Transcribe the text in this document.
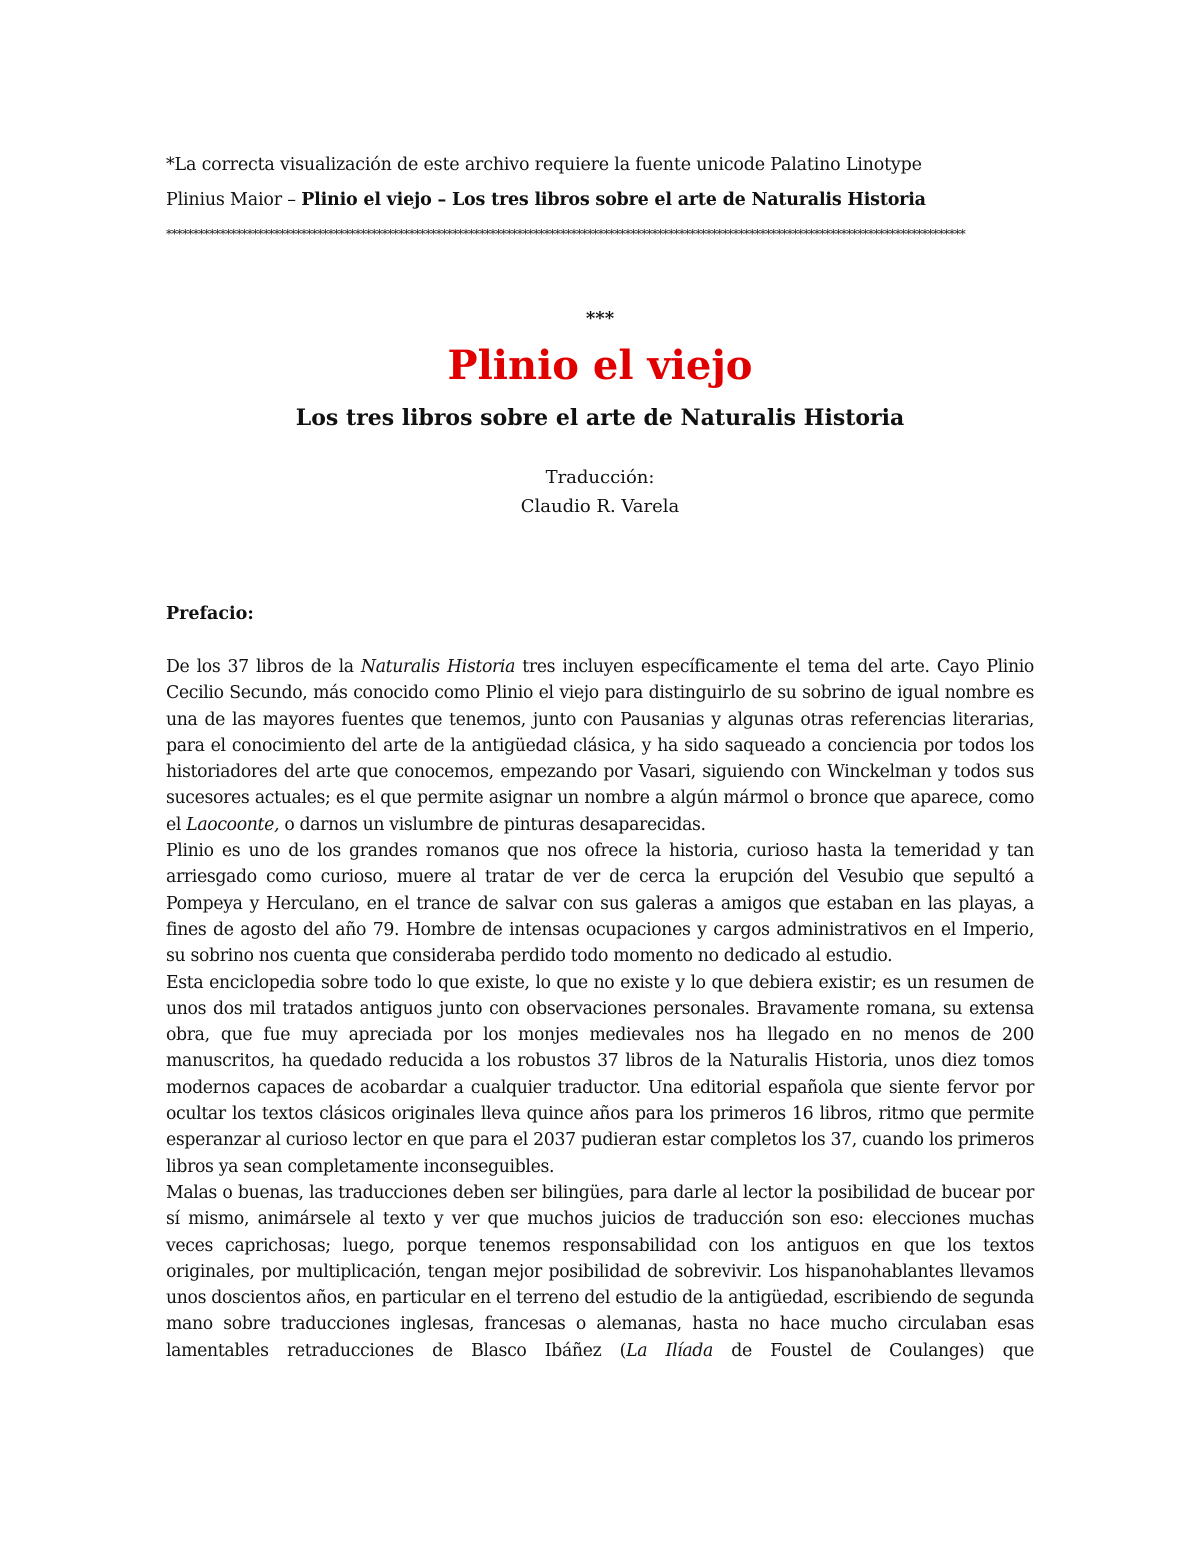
*La correcta visualización de este archivo requiere la fuente unicode Palatino Linotype
Plinius Maior – Plinio el viejo – Los tres libros sobre el arte de Naturalis Historia
****************************************************************************************************************************************************
***
Plinio el viejo
Los tres libros sobre el arte de Naturalis Historia
Traducción:
Claudio R. Varela
Prefacio:

De los 37 libros de la Naturalis Historia tres incluyen específicamente el tema del arte. Cayo Plinio Cecilio Secundo, más conocido como Plinio el viejo para distinguirlo de su sobrino de igual nombre es una de las mayores fuentes que tenemos, junto con Pausanias y algunas otras referencias literarias, para el conocimiento del arte de la antigüedad clásica, y ha sido saqueado a conciencia por todos los historiadores del arte que conocemos, empezando por Vasari, siguiendo con Winckelman y todos sus sucesores actuales; es el que permite asignar un nombre a algún mármol o bronce que aparece, como el Laocoonte, o darnos un vislumbre de pinturas desaparecidas.

Plinio es uno de los grandes romanos que nos ofrece la historia, curioso hasta la temeridad y tan arriesgado como curioso, muere al tratar de ver de cerca la erupción del Vesubio que sepultó a Pompeya y Herculano, en el trance de salvar con sus galeras a amigos que estaban en las playas, a fines de agosto del año 79. Hombre de intensas ocupaciones y cargos administrativos en el Imperio, su sobrino nos cuenta que consideraba perdido todo momento no dedicado al estudio.

Esta enciclopedia sobre todo lo que existe, lo que no existe y lo que debiera existir; es un resumen de unos dos mil tratados antiguos junto con observaciones personales. Bravamente romana, su extensa obra, que fue muy apreciada por los monjes medievales nos ha llegado en no menos de 200 manuscritos, ha quedado reducida a los robustos 37 libros de la Naturalis Historia, unos diez tomos modernos capaces de acobardar a cualquier traductor. Una editorial española que siente fervor por ocultar los textos clásicos originales lleva quince años para los primeros 16 libros, ritmo que permite esperanzar al curioso lector en que para el 2037 pudieran estar completos los 37, cuando los primeros libros ya sean completamente inconseguibles.

Malas o buenas, las traducciones deben ser bilingües, para darle al lector la posibilidad de bucear por sí mismo, animársele al texto y ver que muchos juicios de traducción son eso: elecciones muchas veces caprichosas; luego, porque tenemos responsabilidad con los antiguos en que los textos originales, por multiplicación, tengan mejor posibilidad de sobrevivir. Los hispanohablantes llevamos unos doscientos años, en particular en el terreno del estudio de la antigüedad, escribiendo de segunda mano sobre traducciones inglesas, francesas o alemanas, hasta no hace mucho circulaban esas lamentables retraducciones de Blasco Ibáñez (La Ilíada de Foustel de Coulanges) que
